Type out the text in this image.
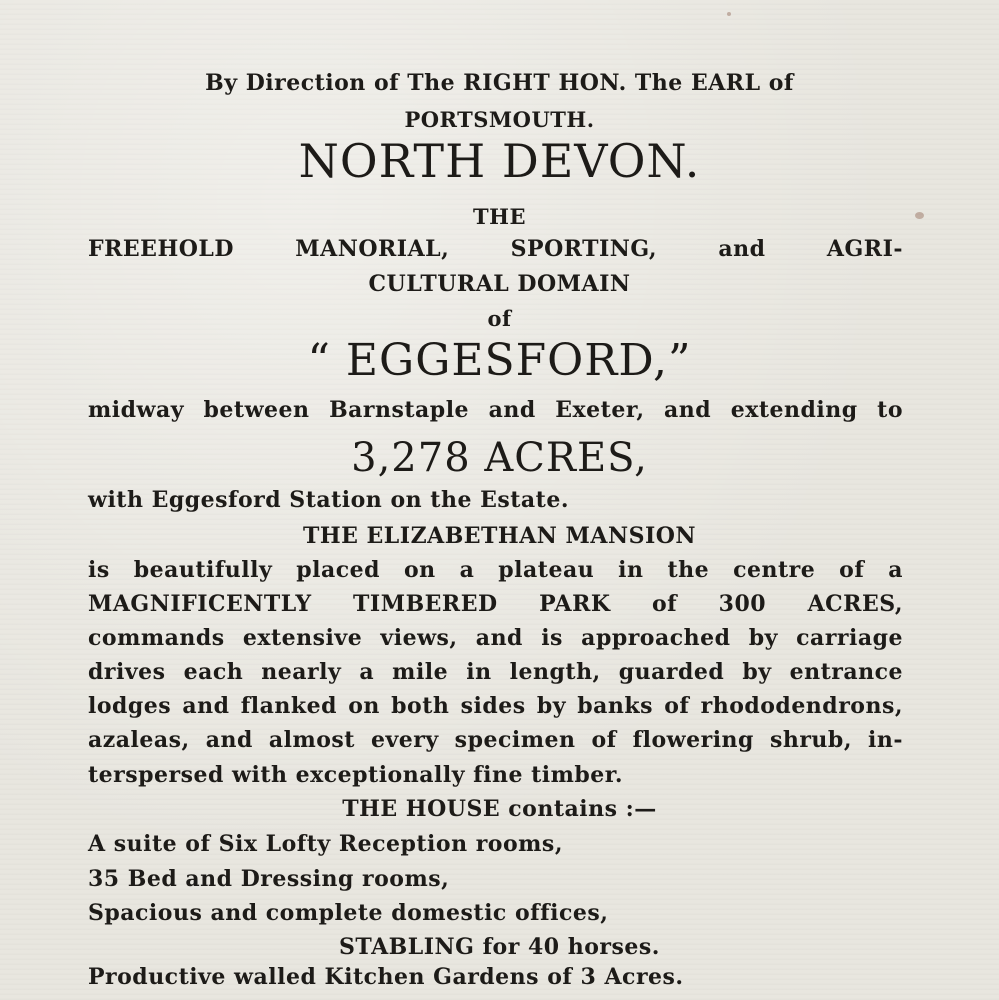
By Direction of The RIGHT HON. The EARL of
PORTSMOUTH.
NORTH DEVON.
THE
FREEHOLD MANORIAL, SPORTING, and AGRI-
CULTURAL DOMAIN
of
“ EGGESFORD,”
midway between Barnstaple and Exeter, and extending to
3,278 ACRES,
with Eggesford Station on the Estate.
THE ELIZABETHAN MANSION
is beautifully placed on a plateau in the centre of a
MAGNIFICENTLY TIMBERED PARK of 300 ACRES,
commands extensive views, and is approached by carriage
drives each nearly a mile in length, guarded by entrance
lodges and flanked on both sides by banks of rhododendrons,
azaleas, and almost every specimen of flowering shrub, in-
terspersed with exceptionally fine timber.
THE HOUSE contains :—
A suite of Six Lofty Reception rooms,
35 Bed and Dressing rooms,
Spacious and complete domestic offices,
STABLING for 40 horses.
Productive walled Kitchen Gardens of 3 Acres.
